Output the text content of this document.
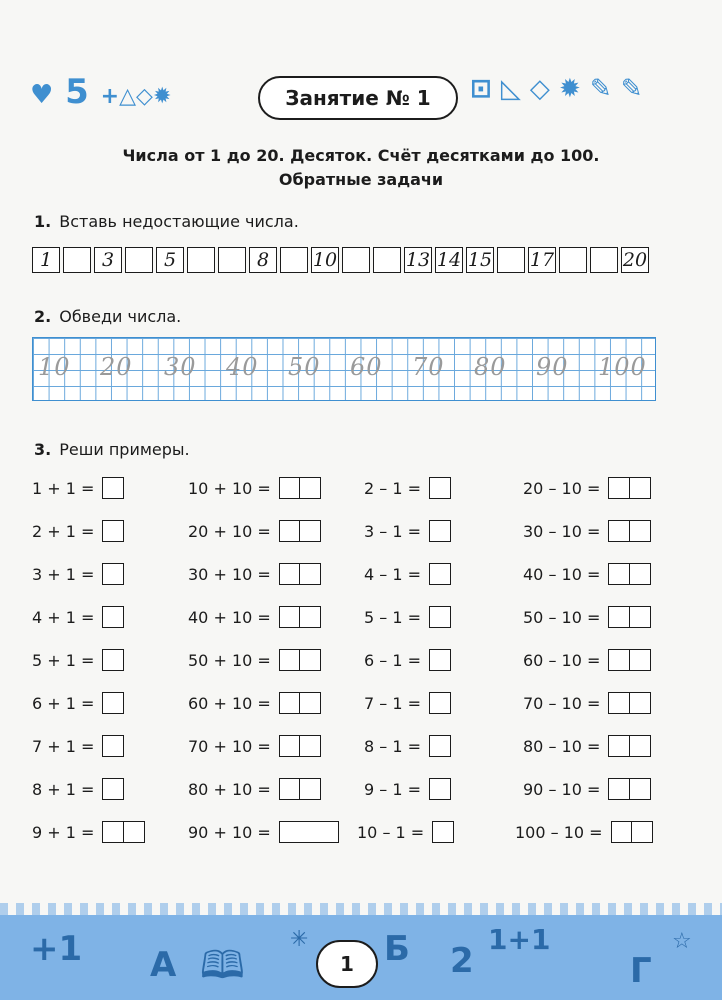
♥ 5 +△◇✹	Занятие № 1 ⊡ ◺ ◇ ✹ ✎ ✎
Числа от 1 до 20. Десяток. Счёт десятками до 100.
Обратные задачи
1. Вставь недостающие числа.
1	3	5	8	10	13 14 15 17	20
2. Обведи числа.
10 20 30 40 50 60 70 80 90 100
3. Реши примеры.
1 + 1 =
2 + 1 =
3 + 1 =
4 + 1 =
5 + 1 =
6 + 1 =
7 + 1 =
8 + 1 =
9 + 1 =
10 + 10 =
20 + 10 =
30 + 10 =
40 + 10 =
50 + 10 =
60 + 10 =
70 + 10 =
80 + 10 =
90 + 10 =
2 – 1 =
3 – 1 =
4 – 1 =
5 – 1 =
6 – 1 =
7 – 1 =
8 – 1 =
9 – 1 =
10 – 1 =
20 – 10 =
30 – 10 =
40 – 10 =
50 – 10 =
60 – 10 =
70 – 10 =
80 – 10 =
90 – 10 =
100 – 10 =
+1 A 🕮
✳ Б 2
1+1
Г
☆
1
